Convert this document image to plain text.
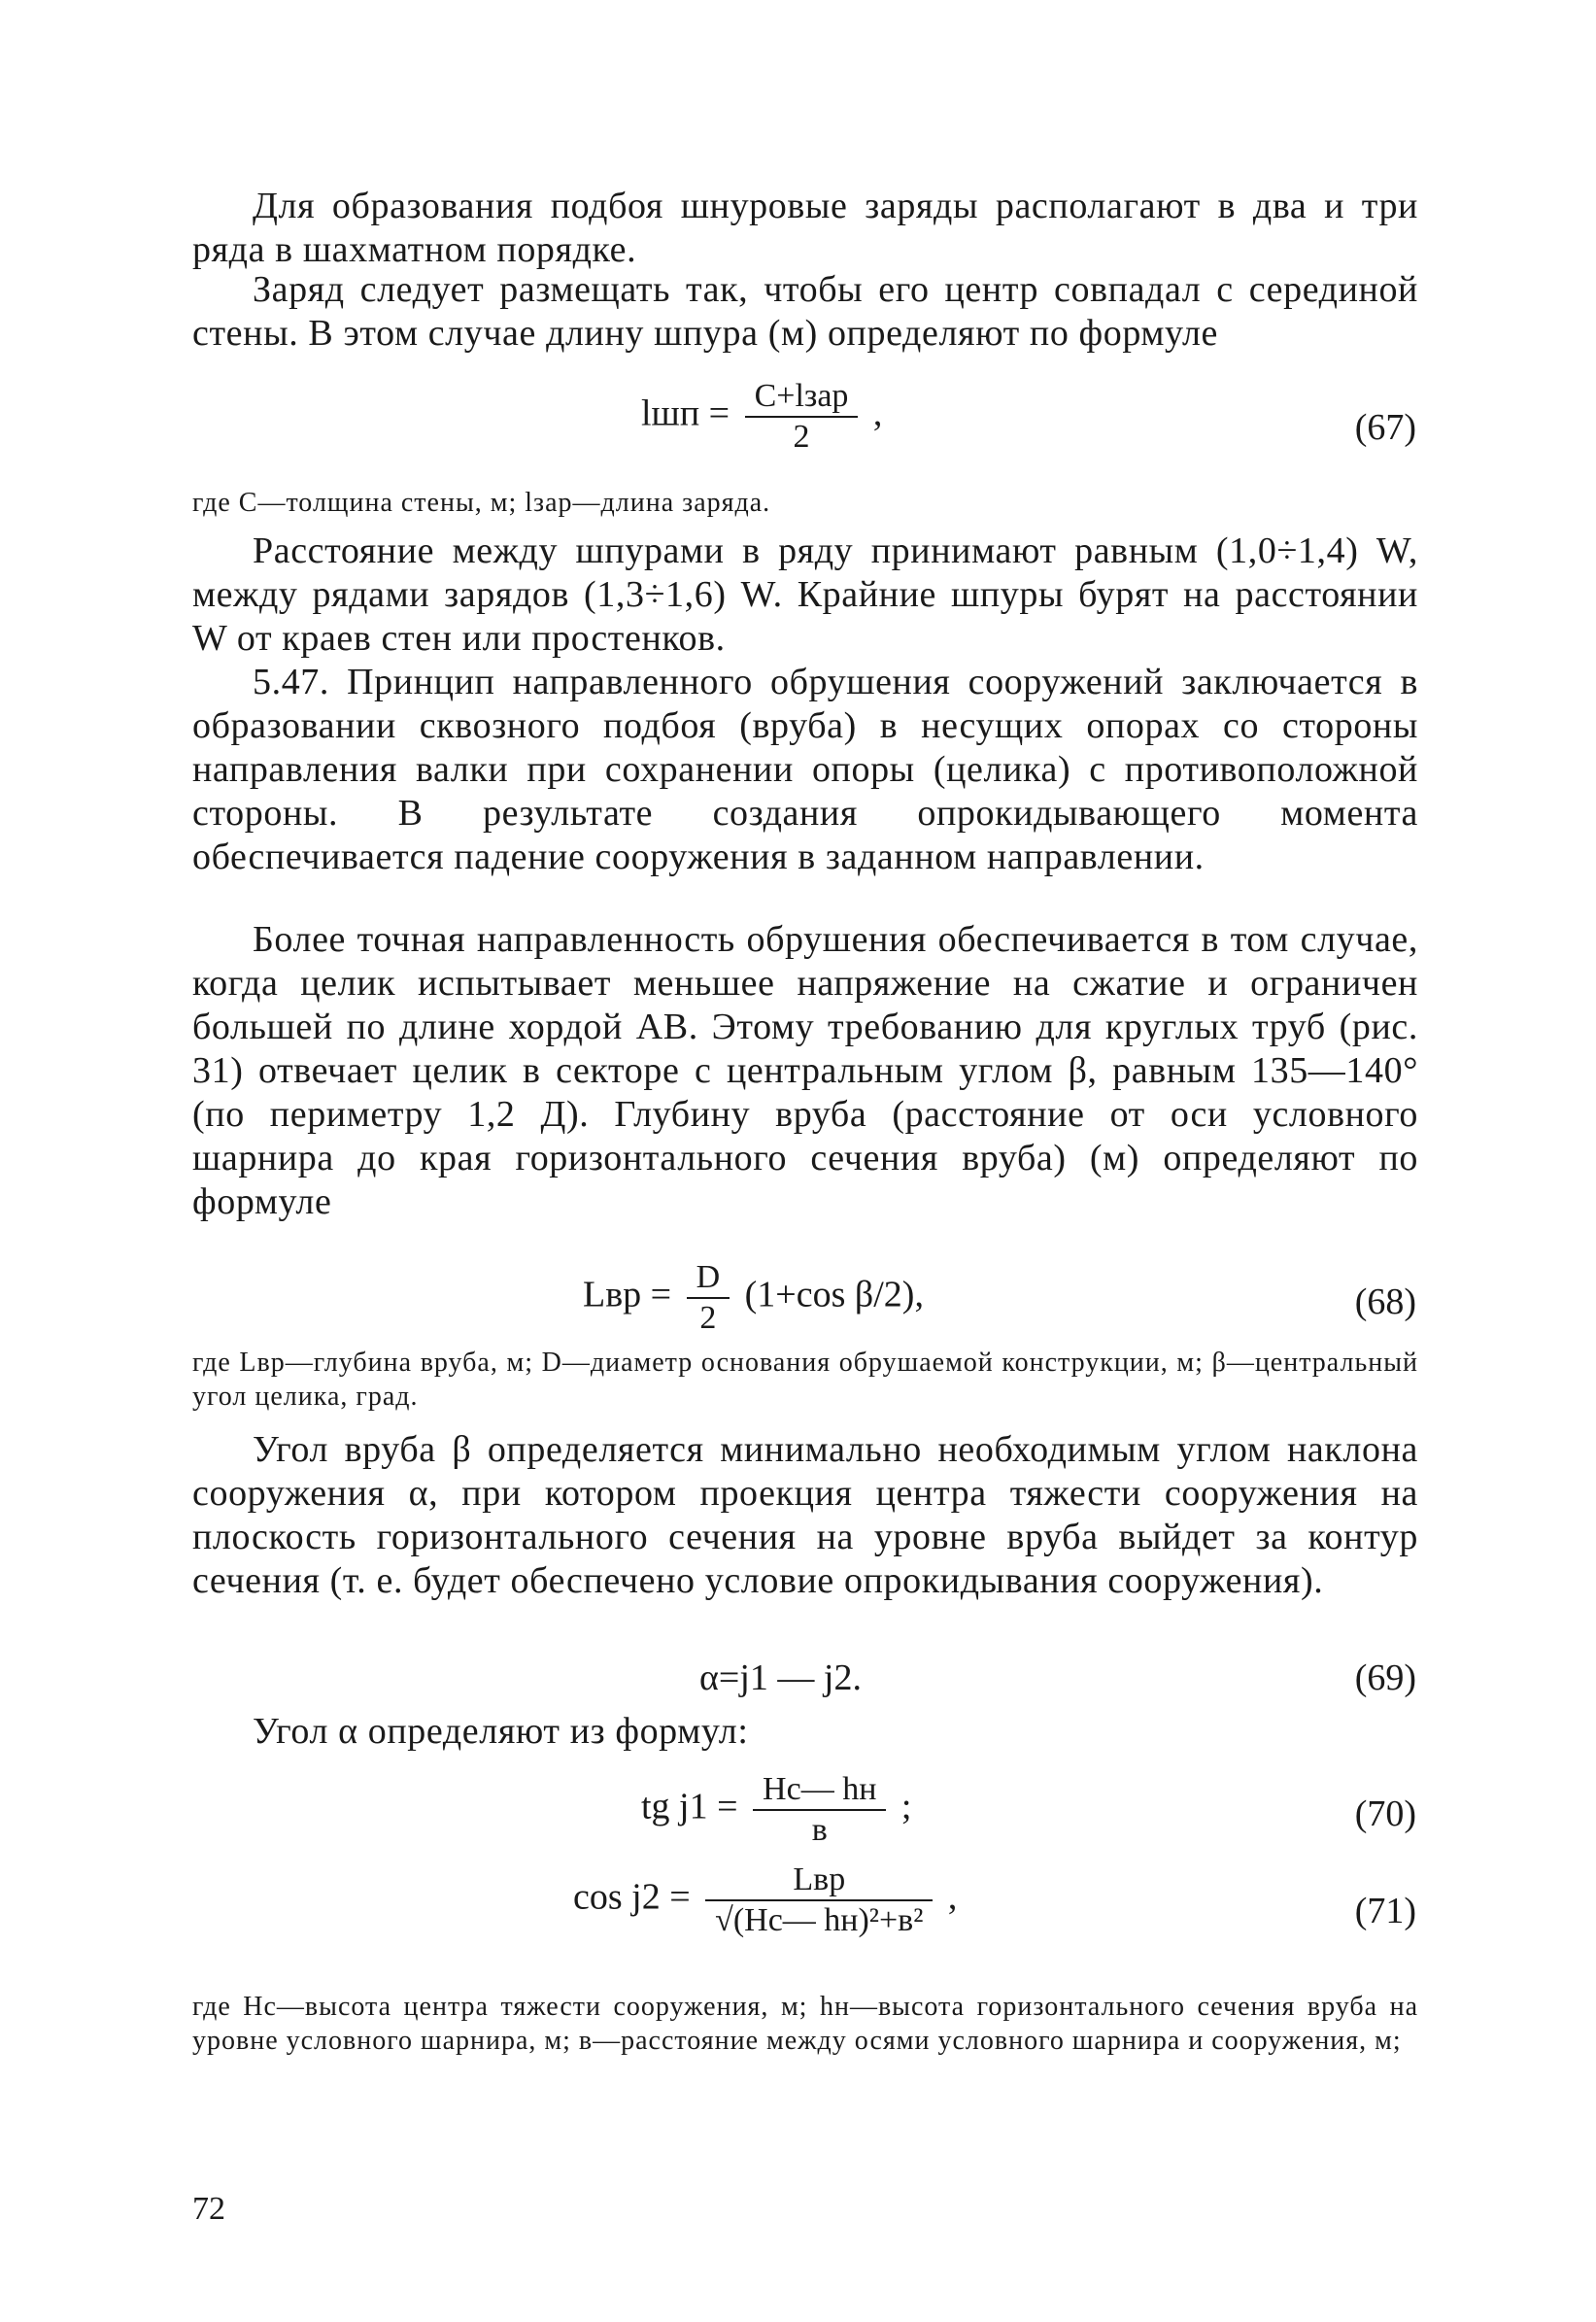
Для образования подбоя шнуровые заряды располагают в два и три ряда в шахматном порядке.

Заряд следует размещать так, чтобы его центр совпадал с серединой стены. В этом случае длину шпура (м) определяют по формуле

lшп = $\frac{\text{C+lзар}}{2}$ ,	(67)

где C—толщина стены, м; lзар—длина заряда.

Расстояние между шпурами в ряду принимают равным (1,0÷1,4) W, между рядами зарядов (1,3÷1,6) W. Крайние шпуры бурят на расстоянии W от краев стен или простенков.

5.47. Принцип направленного обрушения сооружений заключается в образовании сквозного подбоя (вруба) в несущих опорах со стороны направления валки при сохранении опоры (целика) с противоположной стороны. В результате создания опрокидывающего момента обеспечивается падение сооружения в заданном направлении.

Более точная направленность обрушения обеспечивается в том случае, когда целик испытывает меньшее напряжение на сжатие и ограничен большей по длине хордой AB. Этому требованию для круглых труб (рис. 31) отвечает целик в секторе с центральным углом β, равным 135—140° (по периметру 1,2 Д). Глубину вруба (расстояние от оси условного шарнира до края горизонтального сечения вруба) (м) определяют по формуле

Lвр = $\frac{D}{2} (1+\cos$ β/2),	(68)

где Lвр—глубина вруба, м; D—диаметр основания обрушаемой конструкции, м; β—центральный угол целика, град.

Угол вруба β определяется минимально необходимым углом наклона сооружения α, при котором проекция центра тяжести сооружения на плоскость горизонтального сечения на уровне вруба выйдет за контур сечения (т. е. будет обеспечено условие опрокидывания сооружения).

α=j1 — j2.	(69)

Угол α определяют из формул:

tg $j1 = \frac{Hc— hн}{в}$ ;	(70)
$\cos j2 = \frac{\text{Lвр}}{\text{√(Hc— hн)²+в²}}$ ,	(71)

где Hc—высота центра тяжести сооружения, м; hн—высота горизонтального сечения вруба на уровне условного шарнира, м; в—расстояние между осями условного шарнира и сооружения, м;

72
